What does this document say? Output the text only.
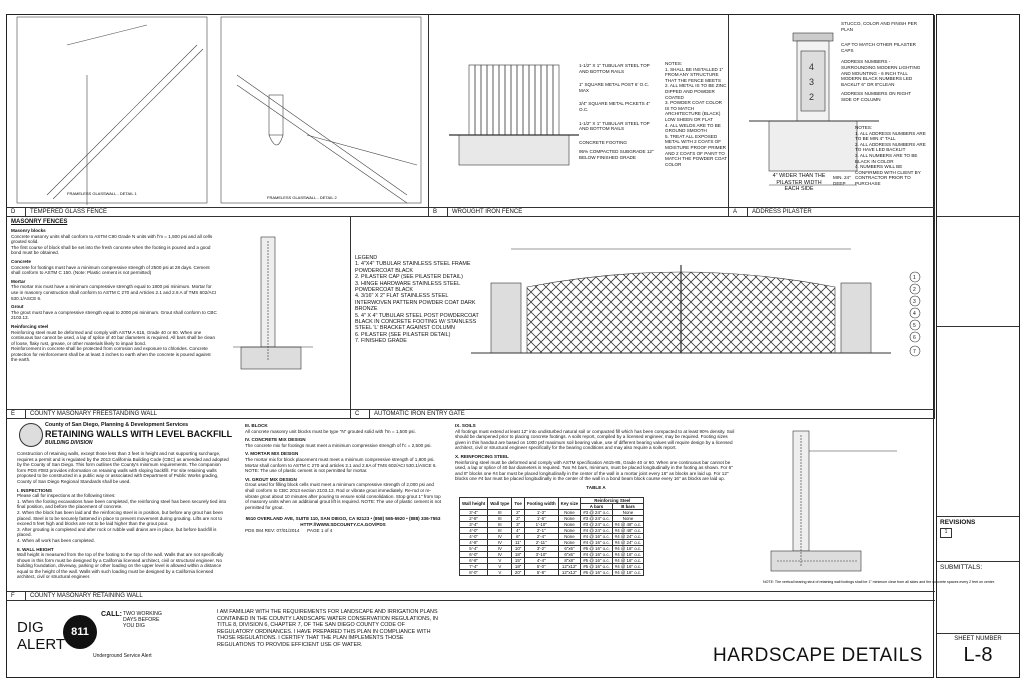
FRAMELESS GLASSWALL - DETAIL 1
FRAMELESS GLASSWALL - DETAIL 2
D TEMPERED GLASS FENCE
1-1/2" X 1" TUBULAR STEEL TOP AND BOTTOM RAILS
1" SQUARE METAL POST 6' O.C. MAX
3/4" SQUARE METAL PICKETS 4" O.C.
1-1/2" X 1" TUBULAR STEEL TOP AND BOTTOM RAILS
CONCRETE FOOTING
95% COMPACTED SUBGRADE 12" BELOW FINISHED GRADE
NOTES:
1. SHALL BE INSTALLED 1" FROM ANY STRUCTURE THAT THE FENCE MEETS
2. ALL METAL IS TO BE ZINC DIPPED AND POWDER COATED
3. POWDER COAT COLOR IS TO MATCH ARCHITECTURE (BLACK) LOW SHEEN OR FLAT
4. ALL WELDS ARE TO BE GROUND SMOOTH
5. TREAT ALL EXPOSED METAL WITH 2 COATS OF MOISTURE PROOF PRIMER AND 2 COATS OF PAINT TO MATCH THE POWDER COAT COLOR
B WROUGHT IRON FENCE
4
3
2
STUCCO, COLOR AND FINISH PER PLAN
CAP TO MATCH OTHER PILASTER CAPS
ADDRESS NUMBERS - SURROUNDING MODERN LIGHTING AND MOUNTING - 6 INCH TALL MODERN BLACK NUMBERS LED BACKLIT 6" OR 8"CLEAN
ADDRESS NUMBERS ON RIGHT SIDE OF COLUMN
NOTES:
1. ALL ADDRESS NUMBERS ARE TO BE MIN 4" TALL
2. ALL ADDRESS NUMBERS ARE TO HAVE LED BACKLIT
3. ALL NUMBERS ARE TO BE BLACK IN COLOR
4. NUMBERS WILL BE CONFIRMED WITH CLIENT BY CONTRACTOR PRIOR TO PURCHASE
4" WIDER THAN THE PILASTER WIDTH EACH SIDE
MIN. 24" DEEP
A ADDRESS PILASTER
MASONRY FENCES
Masonry blocks
Concrete masonry units shall conform to ASTM C90 Grade N units with f'm = 1,500 psi and all cells grouted solid.
The first course of block shall be set into the fresh concrete when the footing is poured and a good bond must be obtained.
Concrete
Concrete for footings must have a minimum compressive strength of 2500 psi at 28 days. Cement shall conform to ASTM C 150. (Note: Plastic cement is not permitted)
Mortar
The mortar mix must have a minimum compressive strength equal to 1800 psi minimum. Mortar for use in masonry construction shall conform to ASTM C 270 and Articles 2.1 and 2.6 A of TMS 602/ACI 530.1/ASCE 6.
Grout
The grout must have a compressive strength equal to 2000 psi minimum. Grout shall conform to CBC 2103.13.
Reinforcing steel
Reinforcing steel must be deformed and comply with ASTM A 615, Grade 40 or 60. When one continuous bar cannot be used, a lap of splice of 40 bar diameters is required. All bars shall be clean of loose, flaky rust, grease, or other materials likely to impair bond.
Reinforcement in concrete shall be protected from corrosion and exposure to chlorides. Concrete protection for reinforcement shall be at least 3 inches to earth when the concrete is poured against the earth.
E COUNTY MASONARY FREESTANDING WALL
LEGEND
1. 4"X4" TUBULAR STAINLESS STEEL FRAME POWDERCOAT BLACK
2. PILASTER CAP (SEE PILASTER DETAIL)
3. HINGE HARDWARE STAINLESS STEEL POWDERCOAT BLACK
4. 3/16" X 2" FLAT STAINLESS STEEL INTERWOVEN PATTERN POWDER COAT DARK BRONZE
5. 4" X 4" TUBULAR STEEL POST POWDERCOAT BLACK IN CONCRETE FOOTING W/ STAINLESS STEEL 'L' BRACKET AGAINST COLUMN
6. PILASTER (SEE PILASTER DETAIL)
7. FINISHED GRADE
1
2
3
4
5
6
7
C AUTOMATIC IRON ENTRY GATE
County of San Diego, Planning & Development Services
RETAINING WALLS WITH LEVEL BACKFILL
BUILDING DIVISION
Construction of retaining walls, except those less than 3 feet in height and not supporting surcharge, requires a permit and is regulated by the 2013 California Building Code (CBC) as amended and adopted by the County of San Diego. This form outlines the County's minimum requirements. The companion form PDS #083 provides information on retaining walls with sloping backfill. For site retaining walls proposed to be constructed in a public way or associated with Department of Public Works grading, County of San Diego Regional Standards shall be used.
I. INSPECTIONS
Please call for inspections at the following times:
1. When the footing excavations have been completed, the reinforcing steel has been securely tied into final position, and before the placement of concrete.
2. When the block has been laid and the reinforcing steel is in position, but before any grout has been placed. Steel is to be securely fastened in place to prevent movement during grouting. Lifts are not to exceed 5 feet high and blocks are not to be laid higher than the grout pour.
3. After grouting is completed and after rock or rubble wall drains are in place, but before backfill is placed.
4. When all work has been completed.
II. WALL HEIGHT
Wall height is measured from the top of the footing to the top of the wall. Walls that are not specifically shown in this form must be designed by a California licensed architect, civil or structural engineer. No building foundation, driveway, parking or other loading on the upper level is allowed within a distance equal to the height of the wall. Walls with such loading must be designed by a California licensed architect, civil or structural engineer.
III. BLOCK
All concrete masonry unit blocks must be type "N" grouted solid with f'm = 1,500 psi.
IV. CONCRETE MIX DESIGN
The concrete mix for footings must meet a minimum compressive strength of f'c = 2,500 psi.
V. MORTAR MIX DESIGN
The mortar mix for block placement must meet a minimum compressive strength of 1,800 psi. Mortar shall conform to ASTM C 270 and articles 2.1 and 2.6A of TMS 602/ACI 530.1/ASCE 6. NOTE: The use of plastic cement is not permitted for mortar.
VI. GROUT MIX DESIGN
Grout used for filling block cells must meet a minimum compressive strength of 2,000 psi and shall conform to CBC 2013 section 2103.13. Rod or vibrate grout immediately. Re-rod or re-vibrate grout about 10 minutes after pouring to ensure solid consolidation. Stop grout 1" from top of masonry units when an additional grout lift is required. NOTE: The use of plastic cement is not permitted for grout.
5510 OVERLAND AVE, SUITE 110, SAN DIEGO, CA 92123 • (858) 565-5920 • (888) 336-7553
HTTP://WWW.SDCOUNTY.CA.GOV/PDS
PDS 084 REV: 07/01/2014 PAGE 1 of 4
IX. SOILS
All footings must extend at least 12" into undisturbed natural soil or compacted fill which has been compacted to at least 90% density. Soil should be dampened prior to placing concrete footings. A soils report, compiled by a licensed engineer, may be required. Footing sizes given in this handout are based on 1000 psf maximum soil bearing value, use of different bearing values will require design by a licensed architect, civil or structural engineer specifically for the bearing conditions and may also require a soils report.
X. REINFORCING STEEL
Reinforcing steel must be deformed and comply with ASTM specification A615-85, Grade 40 or 60. When one continuous bar cannot be used, a lap or splice of 40 bar diameters is required. Two #4 bars, minimum, must be placed longitudinally in the footing as shown. For 6" and 8" blocks one #4 bar must be placed longitudinally in the center of the wall in a mortar joint every 16" as blocks are laid up. For 12" blocks one #4 bar must be placed longitudinally in the center of the wall in a bond beam block course every 16" as blocks are laid up.
TABLE A
Wall height	Wall type	Toe	Footing width	Key size	Reinforcing Steel	
					A bars	B bars
3'-4"	III	2"	1'-3"	None	#3 @ 24" o.c.	None
2'-8"	III	2"	1'-6"	None	#3 @ 24" o.c.	None
3'-4"	III	3"	1'-10"	None	#3 @ 24" o.c.	#4 @ 48" o.c.
4'-0"	III	4"	2'-1"	None	#4 @ 24" o.c.	#4 @ 48" o.c.
4'-0"	IV	6"	2'-4"	None	#4 @ 16" o.c.	#4 @ 24" o.c.
4'-8"	IV	11"	2'-11"	None	#4 @ 16" o.c.	#4 @ 24" o.c.
5'-4"	IV	10"	3'-2"	6"x6"	#5 @ 16" o.c.	#4 @ 16" o.c.
6'-0"	IV	18"	3'-10"	6"x6"	#4 @ 16" o.c.	#4 @ 16" o.c.
6'-8"	V	15"	4'-4"	8"x8"	#5 @ 16" o.c.	#4 @ 16" o.c.
7'-4"	V	18"	5'-0"	12"x12"	#5 @ 16" o.c.	#4 @ 16" o.c.
8'-0"	V	20"	5'-8"	12"x12"	#6 @ 16" o.c.	#4 @ 16" o.c.
NOTE: The vertical bearing strut of retaining wall footings shall be 1" minimum clear from all sides and the concrete spaces every 2 feet on center.
F	COUNTY MASONARY RETAINING WALL
DIG
ALERT
811
CALL: TWO WORKING DAYS BEFORE YOU DIG
Underground Service Alert
I AM FAMILIAR WITH THE REQUIREMENTS FOR LANDSCAPE AND IRRIGATION PLANS CONTAINED IN THE COUNTY LANDSCAPE WATER CONSERVATION REGULATIONS, IN TITLE 8, DIVISION 6, CHAPTER 7, OF THE SAN DIEGO COUNTY CODE OF REGULATORY ORDINANCES. I HAVE PREPARED THIS PLAN IN COMPLIANCE WITH THOSE REGULATIONS. I CERTIFY THAT THE PLAN IMPLEMENTS THOSE REGULATIONS TO PROVIDE EFFICIENT USE OF WATER.
HARDSCAPE DETAILS
REVISIONS
1
SUBMITTALS:
SHEET NUMBER
L-8
